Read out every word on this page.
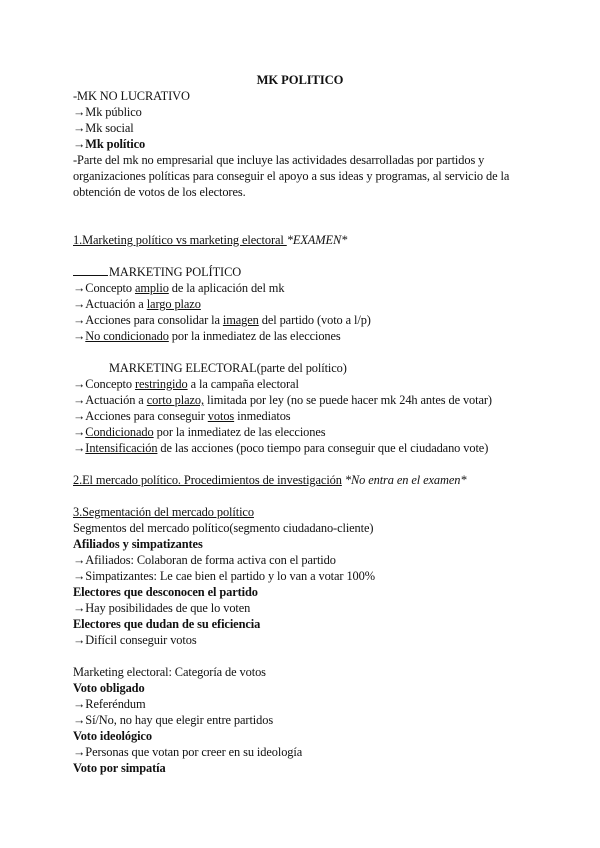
MK POLITICO
-MK NO LUCRATIVO
→Mk público
→Mk social
→Mk político
-Parte del mk no empresarial que incluye las actividades desarrolladas por partidos y organizaciones políticas para conseguir el apoyo a sus ideas y programas, al servicio de la obtención de votos de los electores.
1.Marketing político vs marketing electoral *EXAMEN*
MARKETING POLÍTICO
→Concepto amplio de la aplicación del mk
→Actuación a largo plazo
→Acciones para consolidar la imagen del partido (voto a l/p)
→No condicionado por la inmediatez de las elecciones
MARKETING ELECTORAL(parte del político)
→Concepto restringido a la campaña electoral
→Actuación a corto plazo, limitada por ley (no se puede hacer mk 24h antes de votar)
→Acciones para conseguir votos inmediatos
→Condicionado por la inmediatez de las elecciones
→Intensificación de las acciones (poco tiempo para conseguir que el ciudadano vote)
2.El mercado político. Procedimientos de investigación *No entra en el examen*
3.Segmentación del mercado político
Segmentos del mercado político(segmento ciudadano-cliente)
Afiliados y simpatizantes
→Afiliados: Colaboran de forma activa con el partido
→Simpatizantes: Le cae bien el partido y lo van a votar 100%
Electores que desconocen el partido
→Hay posibilidades de que lo voten
Electores que dudan de su eficiencia
→Difícil conseguir votos
Marketing electoral: Categoría de votos
Voto obligado
→Referéndum
→Sí/No, no hay que elegir entre partidos
Voto ideológico
→Personas que votan por creer en su ideología
Voto por simpatía
